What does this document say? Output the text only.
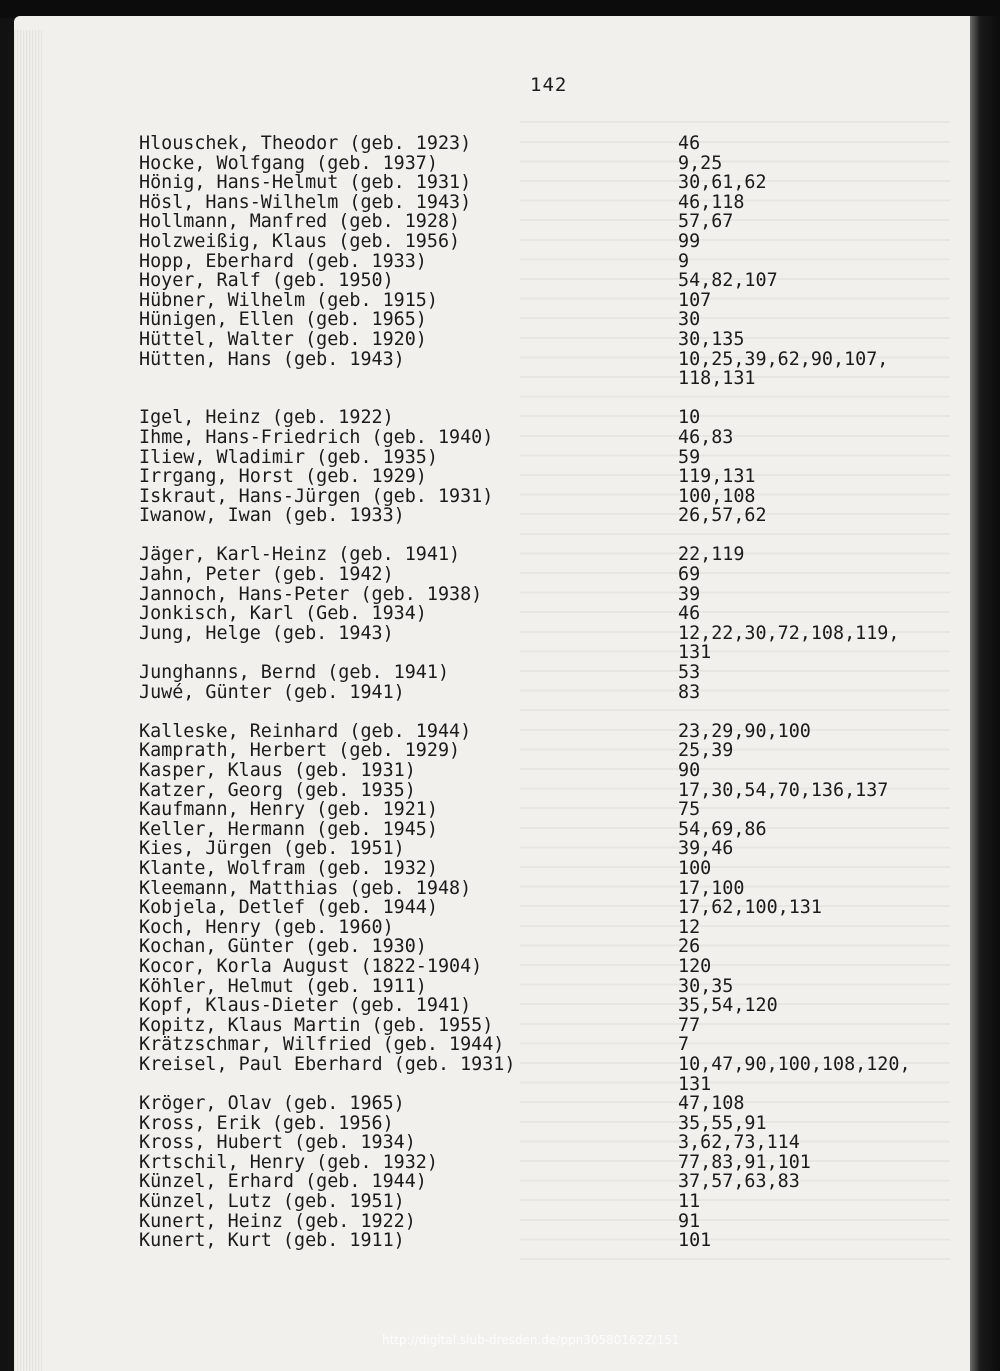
142
Hlouschek, Theodor (geb. 1923)	46
Hocke, Wolfgang (geb. 1937)	9,25
Hönig, Hans-Helmut (geb. 1931)	30,61,62
Hösl, Hans-Wilhelm (geb. 1943)	46,118
Hollmann, Manfred (geb. 1928)	57,67
Holzweißig, Klaus (geb. 1956)	99
Hopp, Eberhard (geb. 1933)	9
Hoyer, Ralf (geb. 1950)	54,82,107
Hübner, Wilhelm (geb. 1915)	107
Hünigen, Ellen (geb. 1965)	30
Hüttel, Walter (geb. 1920)	30,135
Hütten, Hans (geb. 1943)	10,25,39,62,90,107,
118,131
Igel, Heinz (geb. 1922)	10
Ihme, Hans-Friedrich (geb. 1940)	46,83
Iliew, Wladimir (geb. 1935)	59
Irrgang, Horst (geb. 1929)	119,131
Iskraut, Hans-Jürgen (geb. 1931)	100,108
Iwanow, Iwan (geb. 1933)	26,57,62
Jäger, Karl-Heinz (geb. 1941)	22,119
Jahn, Peter (geb. 1942)	69
Jannoch, Hans-Peter (geb. 1938)	39
Jonkisch, Karl (Geb. 1934)	46
Jung, Helge (geb. 1943)	12,22,30,72,108,119,
131
Junghanns, Bernd (geb. 1941)	53
Juwé, Günter (geb. 1941)	83
Kalleske, Reinhard (geb. 1944)	23,29,90,100
Kamprath, Herbert (geb. 1929)	25,39
Kasper, Klaus (geb. 1931)	90
Katzer, Georg (geb. 1935)	17,30,54,70,136,137
Kaufmann, Henry (geb. 1921)	75
Keller, Hermann (geb. 1945)	54,69,86
Kies, Jürgen (geb. 1951)	39,46
Klante, Wolfram (geb. 1932)	100
Kleemann, Matthias (geb. 1948)	17,100
Kobjela, Detlef (geb. 1944)	17,62,100,131
Koch, Henry (geb. 1960)	12
Kochan, Günter (geb. 1930)	26
Kocor, Korla August (1822-1904)	120
Köhler, Helmut (geb. 1911)	30,35
Kopf, Klaus-Dieter (geb. 1941)	35,54,120
Kopitz, Klaus Martin (geb. 1955)	77
Krätzschmar, Wilfried (geb. 1944)	7
Kreisel, Paul Eberhard (geb. 1931)	10,47,90,100,108,120,
131
Kröger, Olav (geb. 1965)	47,108
Kross, Erik (geb. 1956)	35,55,91
Kross, Hubert (geb. 1934)	3,62,73,114
Krtschil, Henry (geb. 1932)	77,83,91,101
Künzel, Erhard (geb. 1944)	37,57,63,83
Künzel, Lutz (geb. 1951)	11
Kunert, Heinz (geb. 1922)	91
Kunert, Kurt (geb. 1911)	101
http://digital.slub-dresden.de/ppn30580162Z/151
